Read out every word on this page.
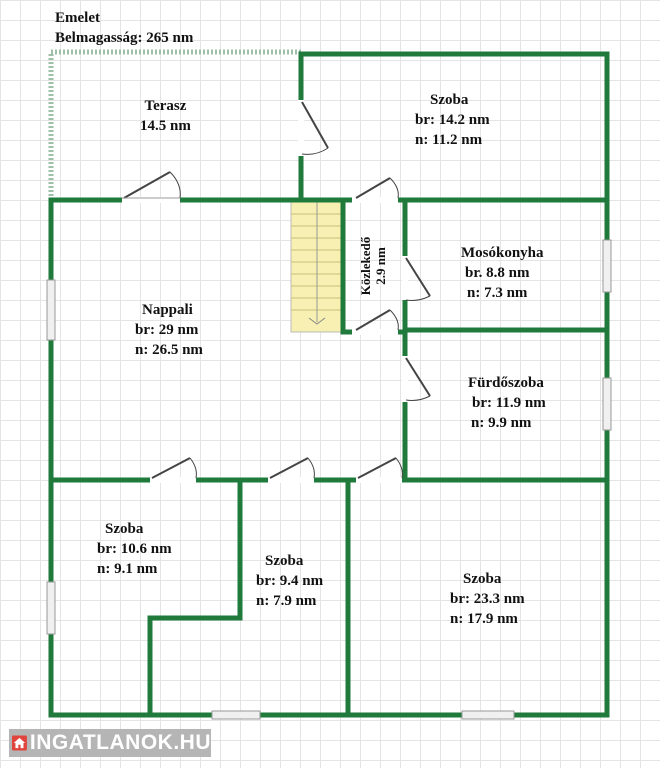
Emelet
Belmagasság: 265 nm
Terasz
14.5 nm
Szoba
br: 14.2 nm
n: 11.2 nm
Közlekedő 2.9 nm	Mosókonyha
br. 8.8 nm
n: 7.3 nm
Nappali
br: 29 nm
n: 26.5 nm
Fürdőszoba
br: 11.9 nm
n: 9.9 nm
Szoba
br: 10.6 nm
n: 9.1 nm	Szoba
br: 9.4 nm
n: 7.9 nm
Szoba
br: 23.3 nm
n: 17.9 nm
INGATLANOK.HU
